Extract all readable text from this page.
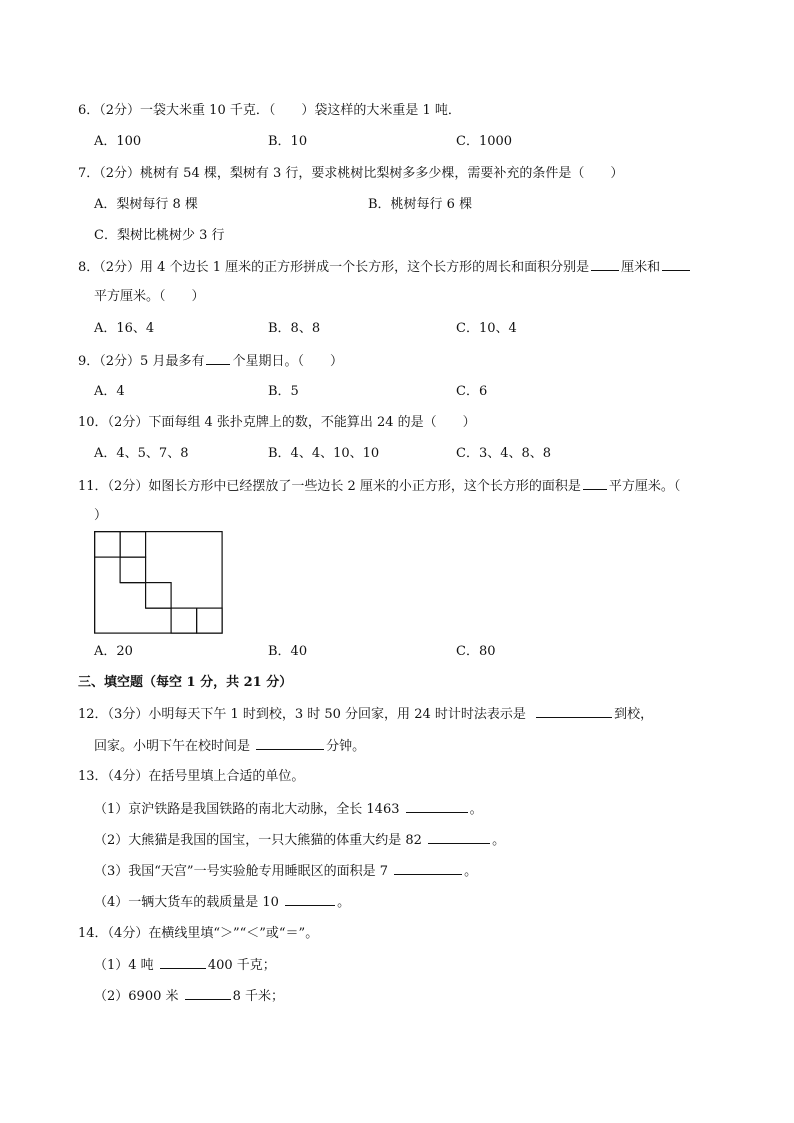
6．（2分）一袋大米重 10 千克．（　　）袋这样的大米重是 1 吨．
A．100	B．10	C．1000
7．（2分）桃树有 54 棵，梨树有 3 行，要求桃树比梨树多多少棵，需要补充的条件是（　　）
A．梨树每行 8 棵	B．桃树每行 6 棵
C．梨树比桃树少 3 行
8．（2分）用 4 个边长 1 厘米的正方形拼成一个长方形，这个长方形的周长和面积分别是 厘米和
平方厘米。（　　）
A．16、4	B．8、8	C．10、4
9．（2分）5 月最多有 个星期日。（　　）
A．4	B．5	C．6
10．（2分）下面每组 4 张扑克牌上的数，不能算出 24 的是（　　）
A．4、5、7、8	B．4、4、10、10	C．3、4、8、8
11．（2分）如图长方形中已经摆放了一些边长 2 厘米的小正方形，这个长方形的面积是 平方厘米。（
）
A．20	B．40	C．80
三、填空题（每空 1 分，共 21 分）
12．（3分）小明每天下午 1 时到校，3 时 50 分回家，用 24 时计时法表示是	到校，
回家。小明下午在校时间是	分钟。
13．（4分）在括号里填上合适的单位。
（1）京沪铁路是我国铁路的南北大动脉，全长 1463	。
（2）大熊猫是我国的国宝，一只大熊猫的体重大约是 82	。
（3）我国“天宫”一号实验舱专用睡眠区的面积是 7	。
（4）一辆大货车的载质量是 10	。
14．（4分）在横线里填“＞”“＜”或“＝”。
（1）4 吨	400 千克；
（2）6900 米	8 千米；
